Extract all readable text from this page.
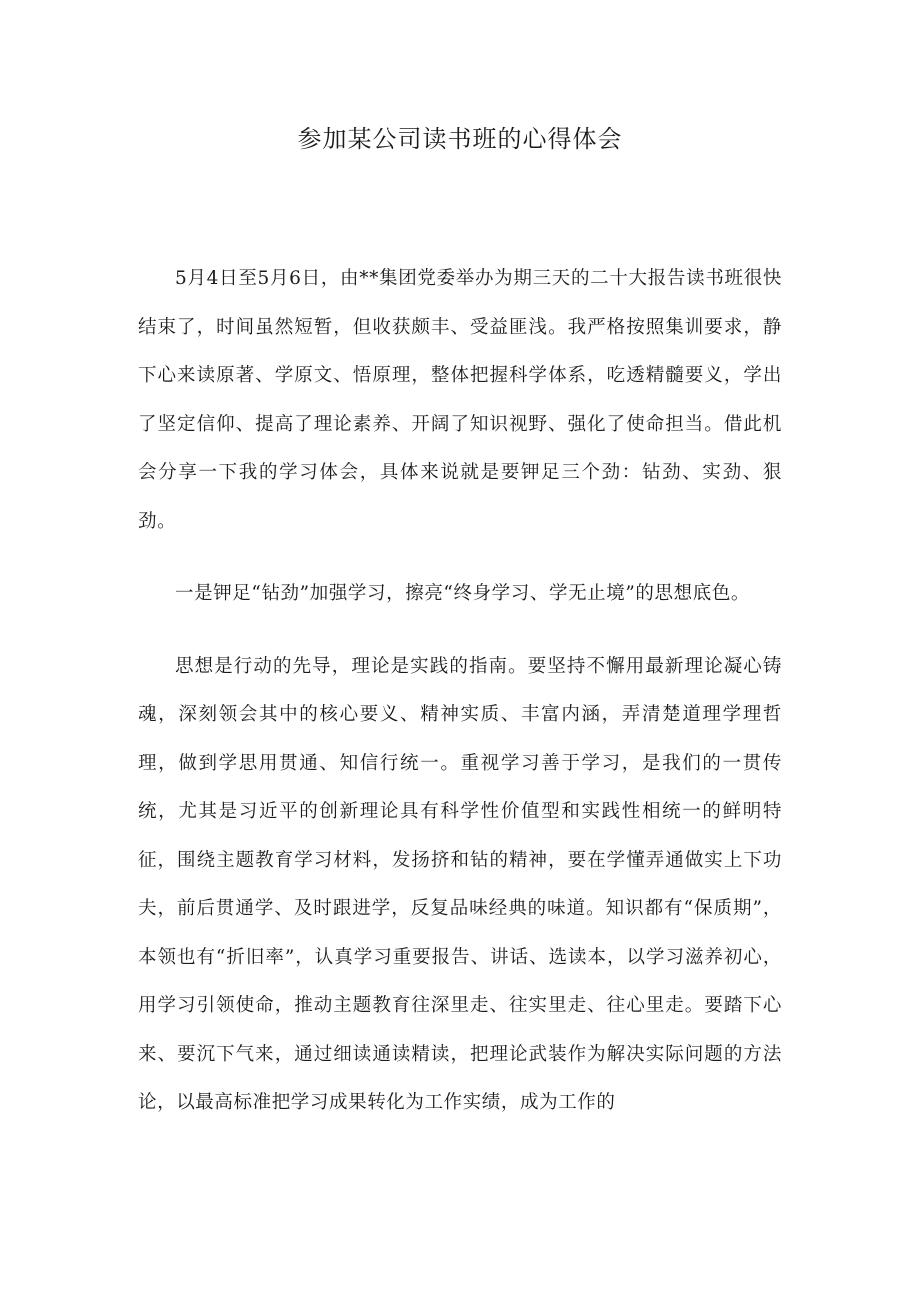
参加某公司读书班的心得体会

5月4日至5月6日，由**集团党委举办为期三天的二十大报告读书班很快结束了，时间虽然短暂，但收获颇丰、受益匪浅。我严格按照集训要求，静下心来读原著、学原文、悟原理，整体把握科学体系，吃透精髓要义，学出了坚定信仰、提高了理论素养、开阔了知识视野、强化了使命担当。借此机会分享一下我的学习体会，具体来说就是要钾足三个劲：钻劲、实劲、狠劲。

一是钾足“钻劲”加强学习，擦亮“终身学习、学无止境”的思想底色。

思想是行动的先导，理论是实践的指南。要坚持不懈用最新理论凝心铸魂，深刻领会其中的核心要义、精神实质、丰富内涵，弄清楚道理学理哲理，做到学思用贯通、知信行统一。重视学习善于学习，是我们的一贯传统，尤其是习近平的创新理论具有科学性价值型和实践性相统一的鲜明特征，围绕主题教育学习材料，发扬挤和钻的精神，要在学懂弄通做实上下功夫，前后贯通学、及时跟进学，反复品味经典的味道。知识都有“保质期”，本领也有“折旧率”，认真学习重要报告、讲话、选读本，以学习滋养初心，用学习引领使命，推动主题教育往深里走、往实里走、往心里走。要踏下心来、要沉下气来，通过细读通读精读，把理论武装作为解决实际问题的方法论，以最高标准把学习成果转化为工作实绩，成为工作的
